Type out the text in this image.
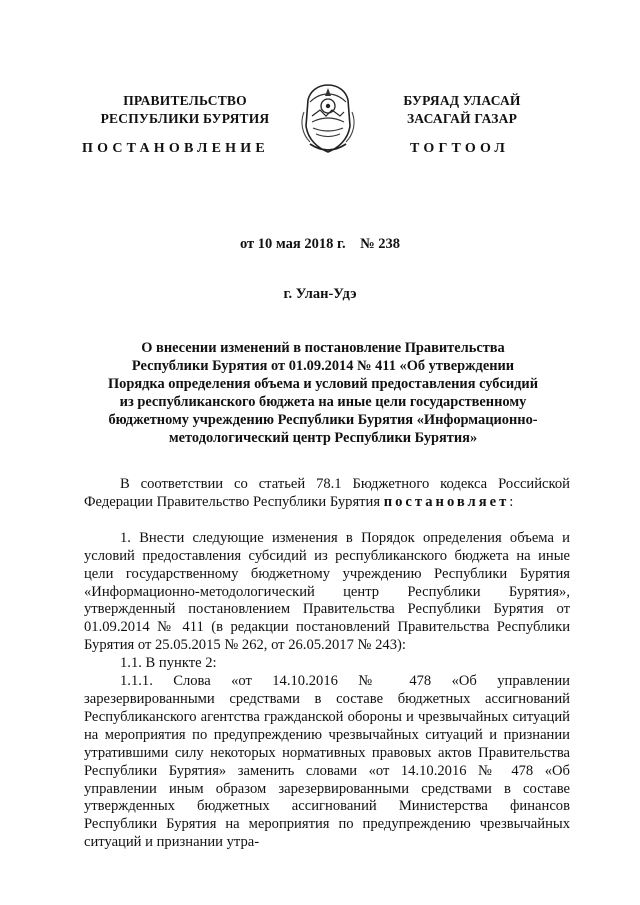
ПРАВИТЕЛЬСТВО
РЕСПУБЛИКИ БУРЯТИЯ
БУРЯАД УЛАСАЙ
ЗАСАГАЙ ГАЗАР
ПОСТАНОВЛЕНИЕ	ТОГТООЛ
от 10 мая 2018 г.    № 238
г. Улан-Удэ
О внесении изменений в постановление Правительства
Республики Бурятия от 01.09.2014 № 411 «Об утверждении
Порядка определения объема и условий предоставления субсидий
из республиканского бюджета на иные цели государственному
бюджетному учреждению Республики Бурятия «Информационно-
методологический центр Республики Бурятия»

В соответствии со статьей 78.1 Бюджетного кодекса Российской Федерации Правительство Республики Бурятия постановляет:

1. Внести следующие изменения в Порядок определения объема и условий предоставления субсидий из республиканского бюджета на иные цели государственному бюджетному учреждению Республики Бурятия «Информационно-методологический центр Республики Бурятия», утвержденный постановлением Правительства Республики Бурятия от 01.09.2014 № 411 (в редакции постановлений Правительства Республики Бурятия от 25.05.2015 № 262, от 26.05.2017 № 243):

1.1. В пункте 2:

1.1.1. Слова «от 14.10.2016 № 478 «Об управлении зарезервированными средствами в составе бюджетных ассигнований Республиканского агентства гражданской обороны и чрезвычайных ситуаций на мероприятия по предупреждению чрезвычайных ситуаций и признании утратившими силу некоторых нормативных правовых актов Правительства Республики Бурятия» заменить словами «от 14.10.2016 № 478 «Об управлении иным образом зарезервированными средствами в составе утвержденных бюджетных ассигнований Министерства финансов Республики Бурятия на мероприятия по предупреждению чрезвычайных ситуаций и признании утра-
